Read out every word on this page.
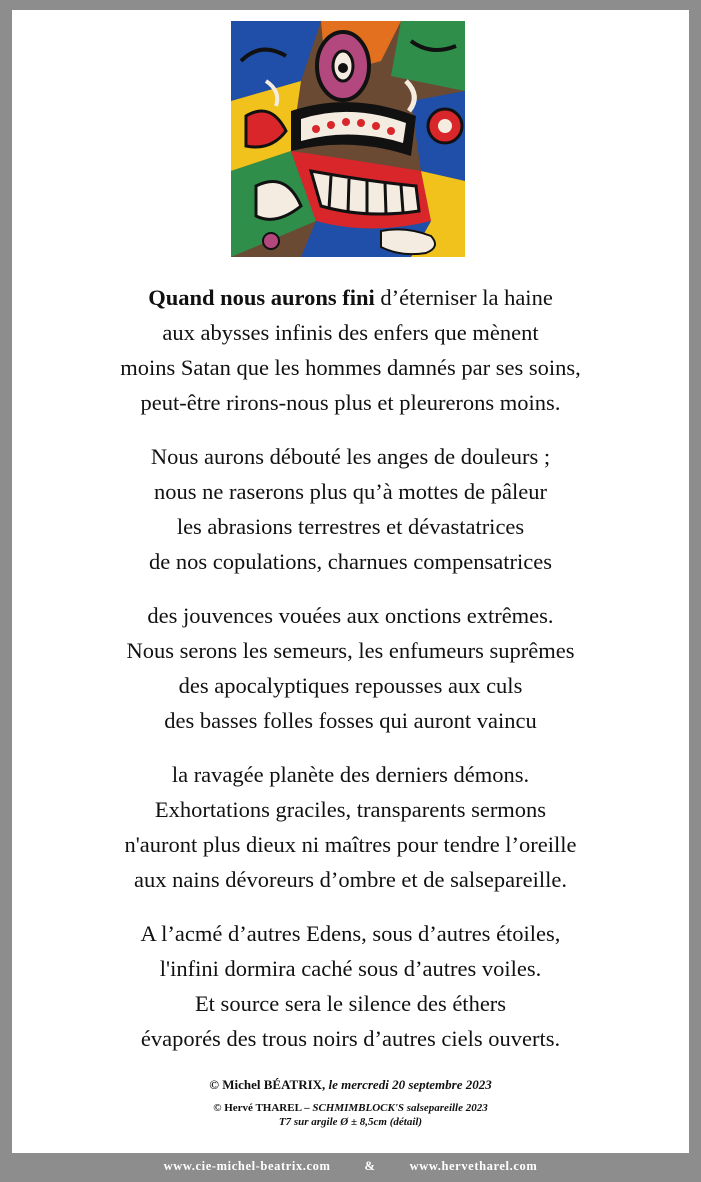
Quand nous aurons fini d’éterniser la haine
aux abysses infinis des enfers que mènent
moins Satan que les hommes damnés par ses soins,
peut-être rirons-nous plus et pleurerons moins.
Nous aurons débouté les anges de douleurs ;
nous ne raserons plus qu’à mottes de pâleur
les abrasions terrestres et dévastatrices
de nos copulations, charnues compensatrices
des jouvences vouées aux onctions extrêmes.
Nous serons les semeurs, les enfumeurs suprêmes
des apocalyptiques repousses aux culs
des basses folles fosses qui auront vaincu
la ravagée planète des derniers démons.
Exhortations graciles, transparents sermons
n'auront plus dieux ni maîtres pour tendre l’oreille
aux nains dévoreurs d’ombre et de salsepareille.
A l’acmé d’autres Edens, sous d’autres étoiles,
l'infini dormira caché sous d’autres voiles.
Et source sera le silence des éthers
évaporés des trous noirs d’autres ciels ouverts.
© Michel BÉATRIX, le mercredi 20 septembre 2023
© Hervé THAREL – SCHMIMBLOCK'S salsepareille 2023
T7 sur argile Ø ± 8,5cm (détail)
www.cie-michel-beatrix.com	&	www.hervetharel.com
